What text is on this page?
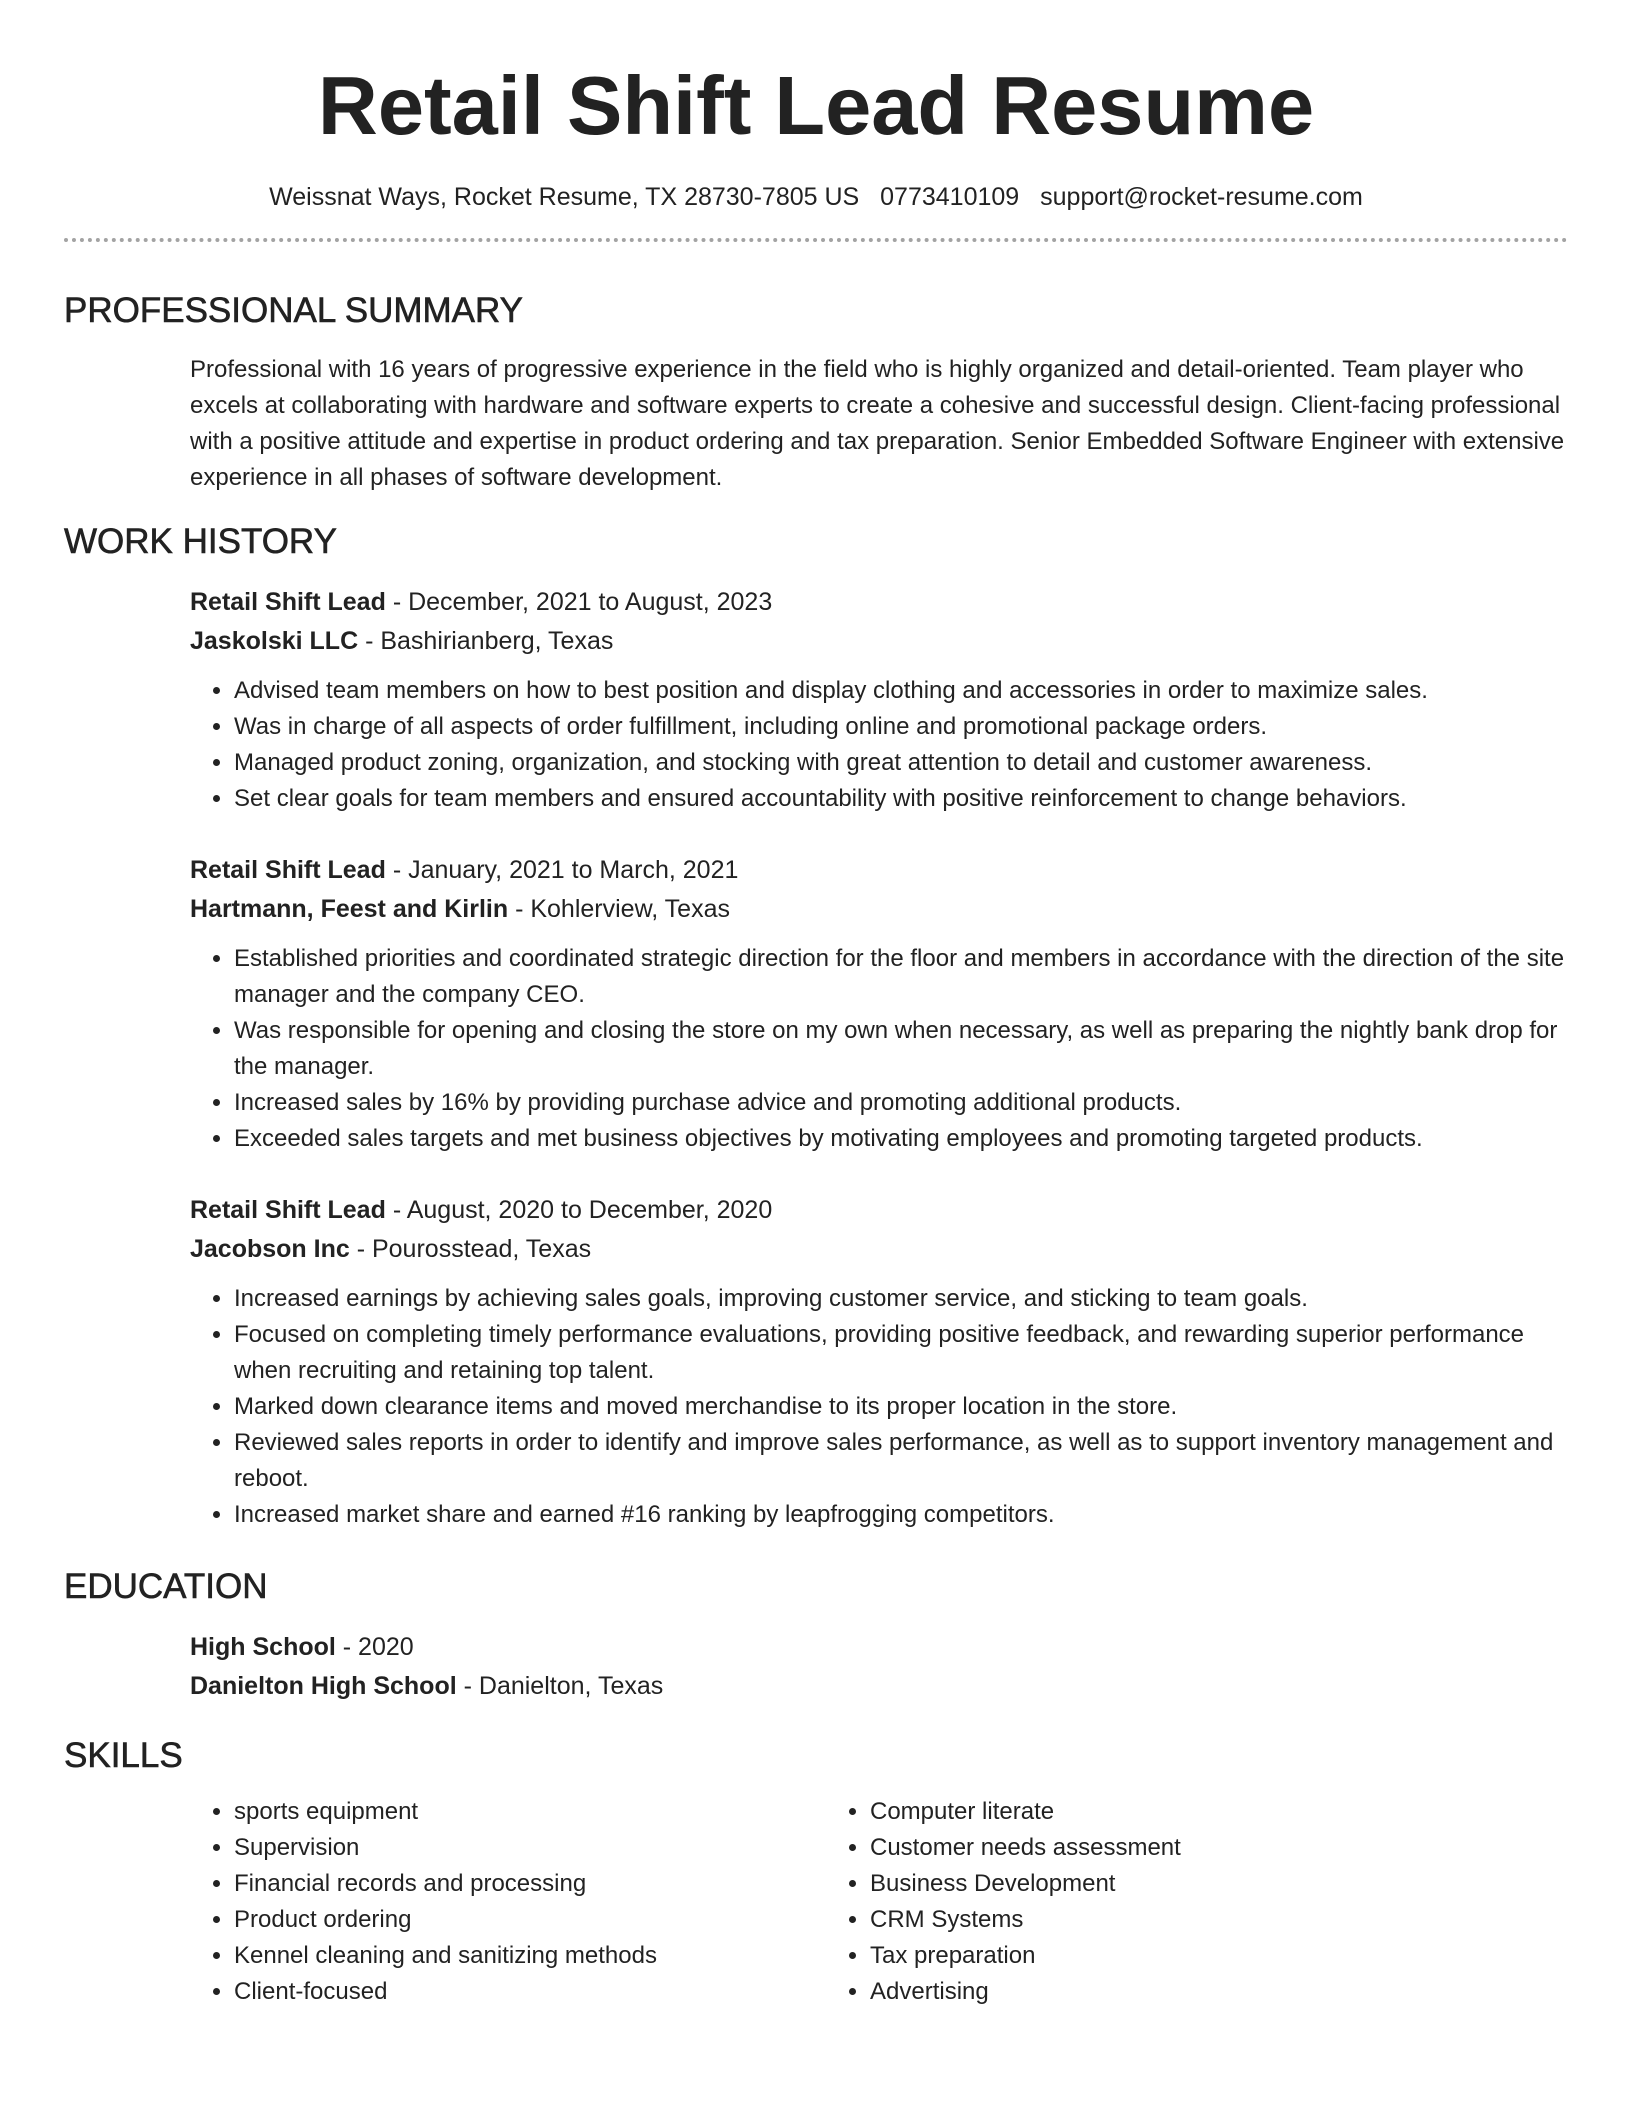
Retail Shift Lead Resume
Weissnat Ways, Rocket Resume, TX 28730-7805 US 0773410109 support@rocket-resume.com
PROFESSIONAL SUMMARY
Professional with 16 years of progressive experience in the field who is highly organized and detail-oriented. Team player who excels at collaborating with hardware and software experts to create a cohesive and successful design. Client-facing professional with a positive attitude and expertise in product ordering and tax preparation. Senior Embedded Software Engineer with extensive experience in all phases of software development.
WORK HISTORY
Retail Shift Lead - December, 2021 to August, 2023
Jaskolski LLC - Bashirianberg, Texas
• Advised team members on how to best position and display clothing and accessories in order to maximize sales.
• Was in charge of all aspects of order fulfillment, including online and promotional package orders.
• Managed product zoning, organization, and stocking with great attention to detail and customer awareness.
• Set clear goals for team members and ensured accountability with positive reinforcement to change behaviors.
Retail Shift Lead - January, 2021 to March, 2021
Hartmann, Feest and Kirlin - Kohlerview, Texas
• Established priorities and coordinated strategic direction for the floor and members in accordance with the direction of the site manager and the company CEO.
• Was responsible for opening and closing the store on my own when necessary, as well as preparing the nightly bank drop for the manager.
• Increased sales by 16% by providing purchase advice and promoting additional products.
• Exceeded sales targets and met business objectives by motivating employees and promoting targeted products.
Retail Shift Lead - August, 2020 to December, 2020
Jacobson Inc - Pourosstead, Texas
• Increased earnings by achieving sales goals, improving customer service, and sticking to team goals.
• Focused on completing timely performance evaluations, providing positive feedback, and rewarding superior performance when recruiting and retaining top talent.
• Marked down clearance items and moved merchandise to its proper location in the store.
• Reviewed sales reports in order to identify and improve sales performance, as well as to support inventory management and reboot.
• Increased market share and earned #16 ranking by leapfrogging competitors.
EDUCATION
High School - 2020
Danielton High School - Danielton, Texas
SKILLS
• sports equipment
• Supervision
• Financial records and processing
• Product ordering
• Kennel cleaning and sanitizing methods
• Client-focused
• Computer literate
• Customer needs assessment
• Business Development
• CRM Systems
• Tax preparation
• Advertising
